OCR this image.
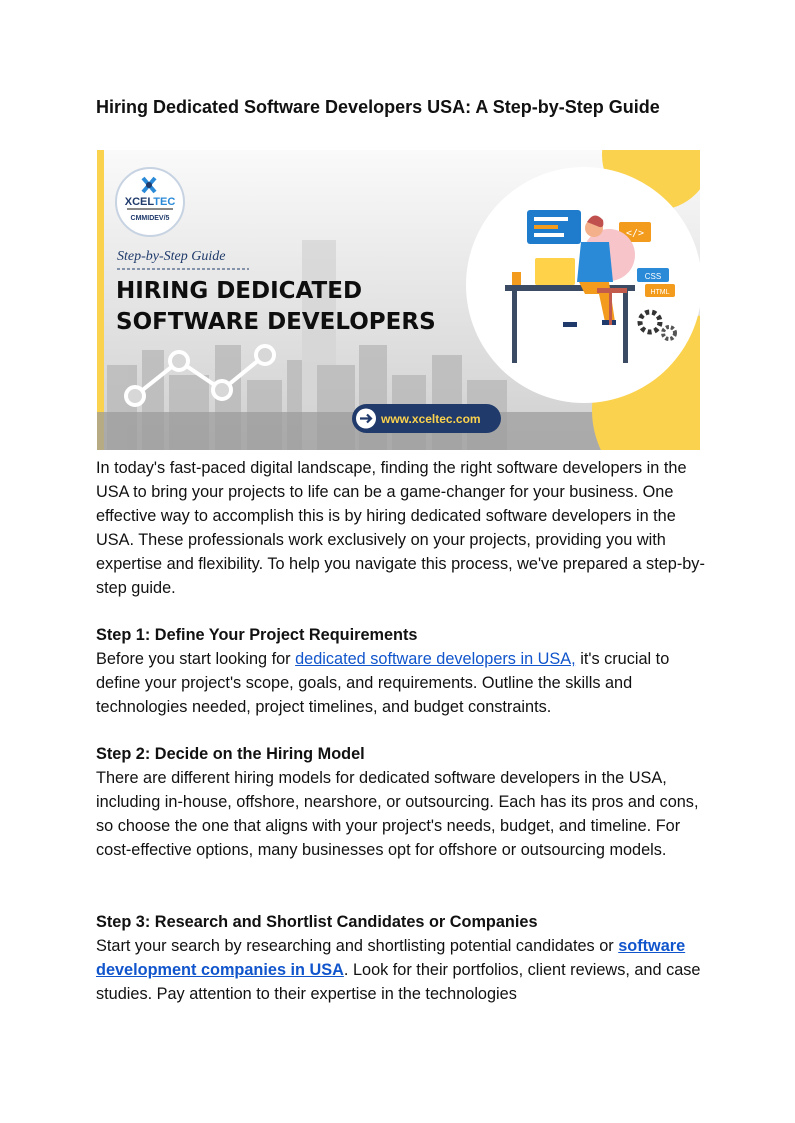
Hiring Dedicated Software Developers USA: A Step-by-Step Guide
XCELTEC
CMMIDEV/5
Step-by-Step Guide
HIRING DEDICATED
SOFTWARE DEVELOPERS
www.xceltec.com
</>
CSS
HTML

In today's fast-paced digital landscape, finding the right software developers in the USA to bring your projects to life can be a game-changer for your business. One effective way to accomplish this is by hiring dedicated software developers in the USA. These professionals work exclusively on your projects, providing you with expertise and flexibility. To help you navigate this process, we've prepared a step-by-step guide.

Step 1: Define Your Project Requirements
Before you start looking for dedicated software developers in USA, it's crucial to define your project's scope, goals, and requirements. Outline the skills and technologies needed, project timelines, and budget constraints.

Step 2: Decide on the Hiring Model
There are different hiring models for dedicated software developers in the USA, including in-house, offshore, nearshore, or outsourcing. Each has its pros and cons, so choose the one that aligns with your project's needs, budget, and timeline. For cost-effective options, many businesses opt for offshore or outsourcing models.

Step 3: Research and Shortlist Candidates or Companies
Start your search by researching and shortlisting potential candidates or software development companies in USA. Look for their portfolios, client reviews, and case studies. Pay attention to their expertise in the technologies
